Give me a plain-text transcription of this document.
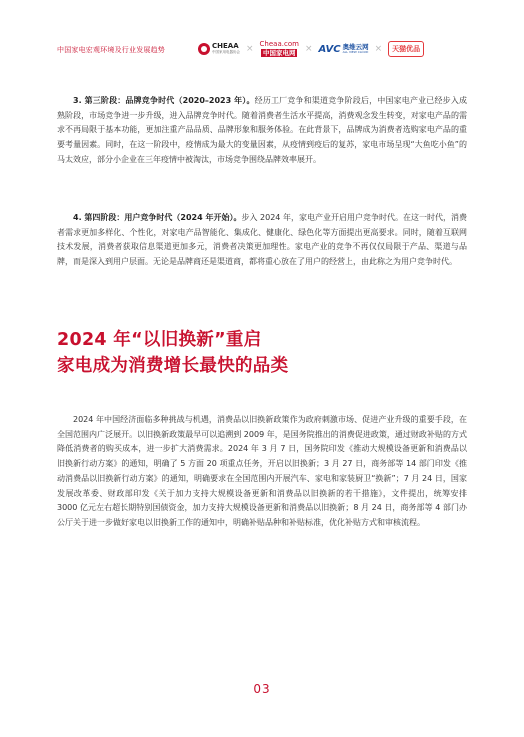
中国家电宏观环境及行业发展趋势	CHEAA
中国家用电器协会 ×
Cheaa.com
中国家电网 × AVC 奥维云网
ALL VIEW CLOUD ×	天猫优品

3. 第三阶段：品牌竞争时代（2020–2023 年）。经历工厂竞争和渠道竞争阶段后，中国家电产业已经步入成熟阶段，市场竞争进一步升级，进入品牌竞争时代。随着消费者生活水平提高，消费观念发生转变，对家电产品的需求不再局限于基本功能，更加注重产品品质、品牌形象和服务体验。在此背景下，品牌成为消费者选购家电产品的重要考量因素。同时，在这一阶段中，疫情成为最大的变量因素，从疫情到疫后的复苏，家电市场呈现“大鱼吃小鱼”的马太效应，部分小企业在三年疫情中被淘汰，市场竞争围绕品牌效率展开。

4. 第四阶段：用户竞争时代（2024 年开始）。步入 2024 年，家电产业开启用户竞争时代。在这一时代，消费者需求更加多样化、个性化，对家电产品智能化、集成化、健康化、绿色化等方面提出更高要求。同时，随着互联网技术发展，消费者获取信息渠道更加多元，消费者决策更加理性。家电产业的竞争不再仅仅局限于产品、渠道与品牌，而是深入到用户层面。无论是品牌商还是渠道商，都将重心放在了用户的经营上，由此称之为用户竞争时代。

2024 年“以旧换新”重启
家电成为消费增长最快的品类

2024 年中国经济面临多种挑战与机遇，消费品以旧换新政策作为政府刺激市场、促进产业升级的重要手段，在全国范围内广泛展开。以旧换新政策最早可以追溯到 2009 年，是国务院推出的消费促进政策，通过财政补贴的方式降低消费者的购买成本，进一步扩大消费需求。2024 年 3 月 7 日，国务院印发《推动大规模设备更新和消费品以旧换新行动方案》的通知，明确了 5 方面 20 项重点任务，开启以旧换新；3 月 27 日，商务部等 14 部门印发《推动消费品以旧换新行动方案》的通知，明确要求在全国范围内开展汽车、家电和家装厨卫“换新”；7 月 24 日，国家发展改革委、财政部印发《关于加力支持大规模设备更新和消费品以旧换新的若干措施》，文件提出，统筹安排 3000 亿元左右超长期特别国债资金，加力支持大规模设备更新和消费品以旧换新；8 月 24 日，商务部等 4 部门办公厅关于进一步做好家电以旧换新工作的通知中，明确补贴品种和补贴标准，优化补贴方式和审核流程。

03
